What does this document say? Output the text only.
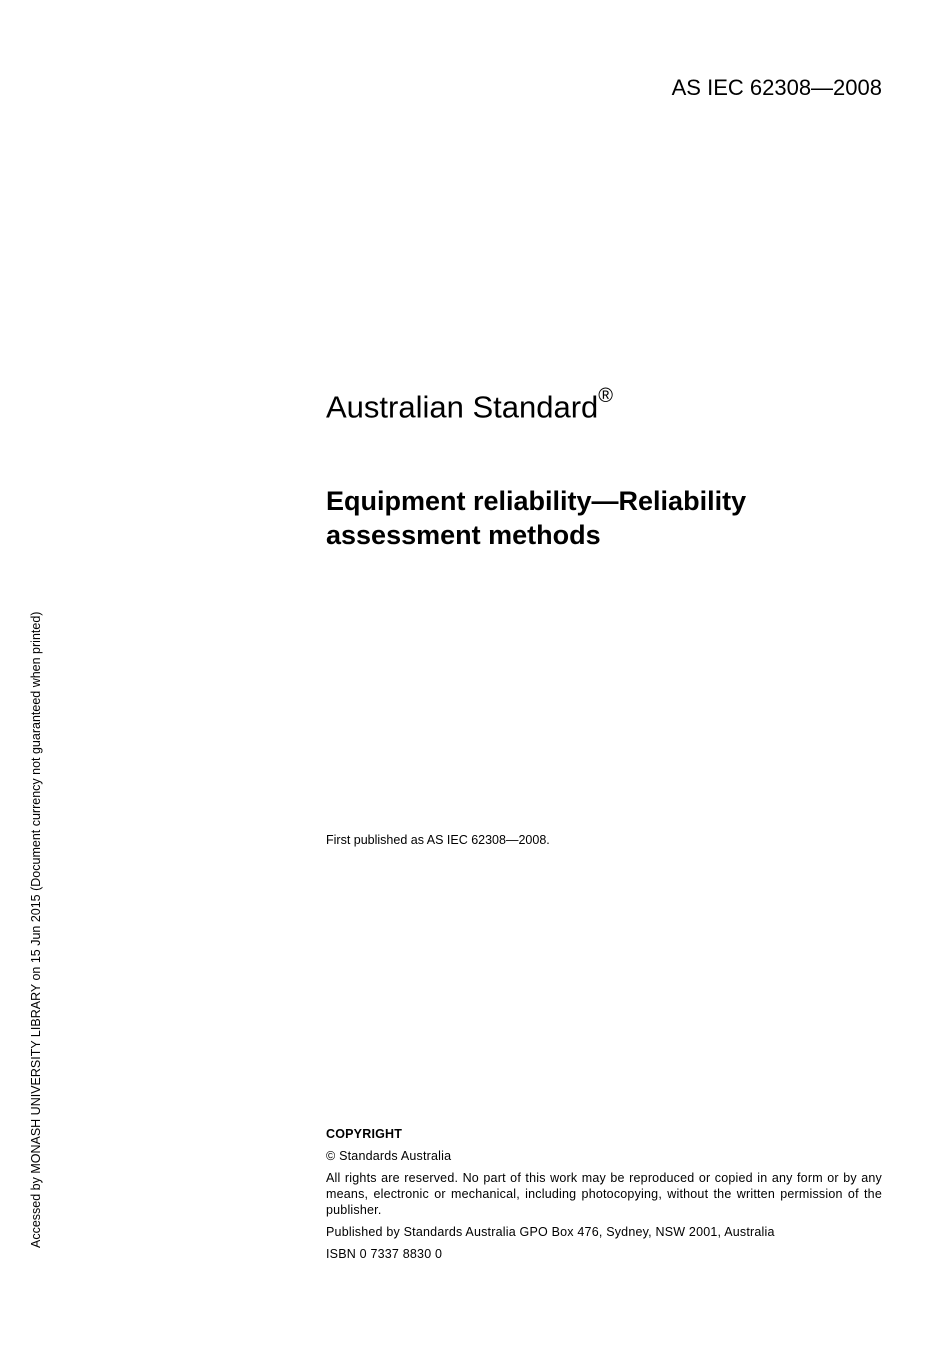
AS IEC 62308—2008
Australian Standard®
Equipment reliability—Reliability
assessment methods
First published as AS IEC 62308—2008.

COPYRIGHT

© Standards Australia

All rights are reserved. No part of this work may be reproduced or copied in any form or by any means, electronic or mechanical, including photocopying, without the written permission of the publisher.

Published by Standards Australia GPO Box 476, Sydney, NSW 2001, Australia

ISBN 0 7337 8830 0

Accessed by MONASH UNIVERSITY LIBRARY on 15 Jun 2015 (Document currency not guaranteed when printed)
